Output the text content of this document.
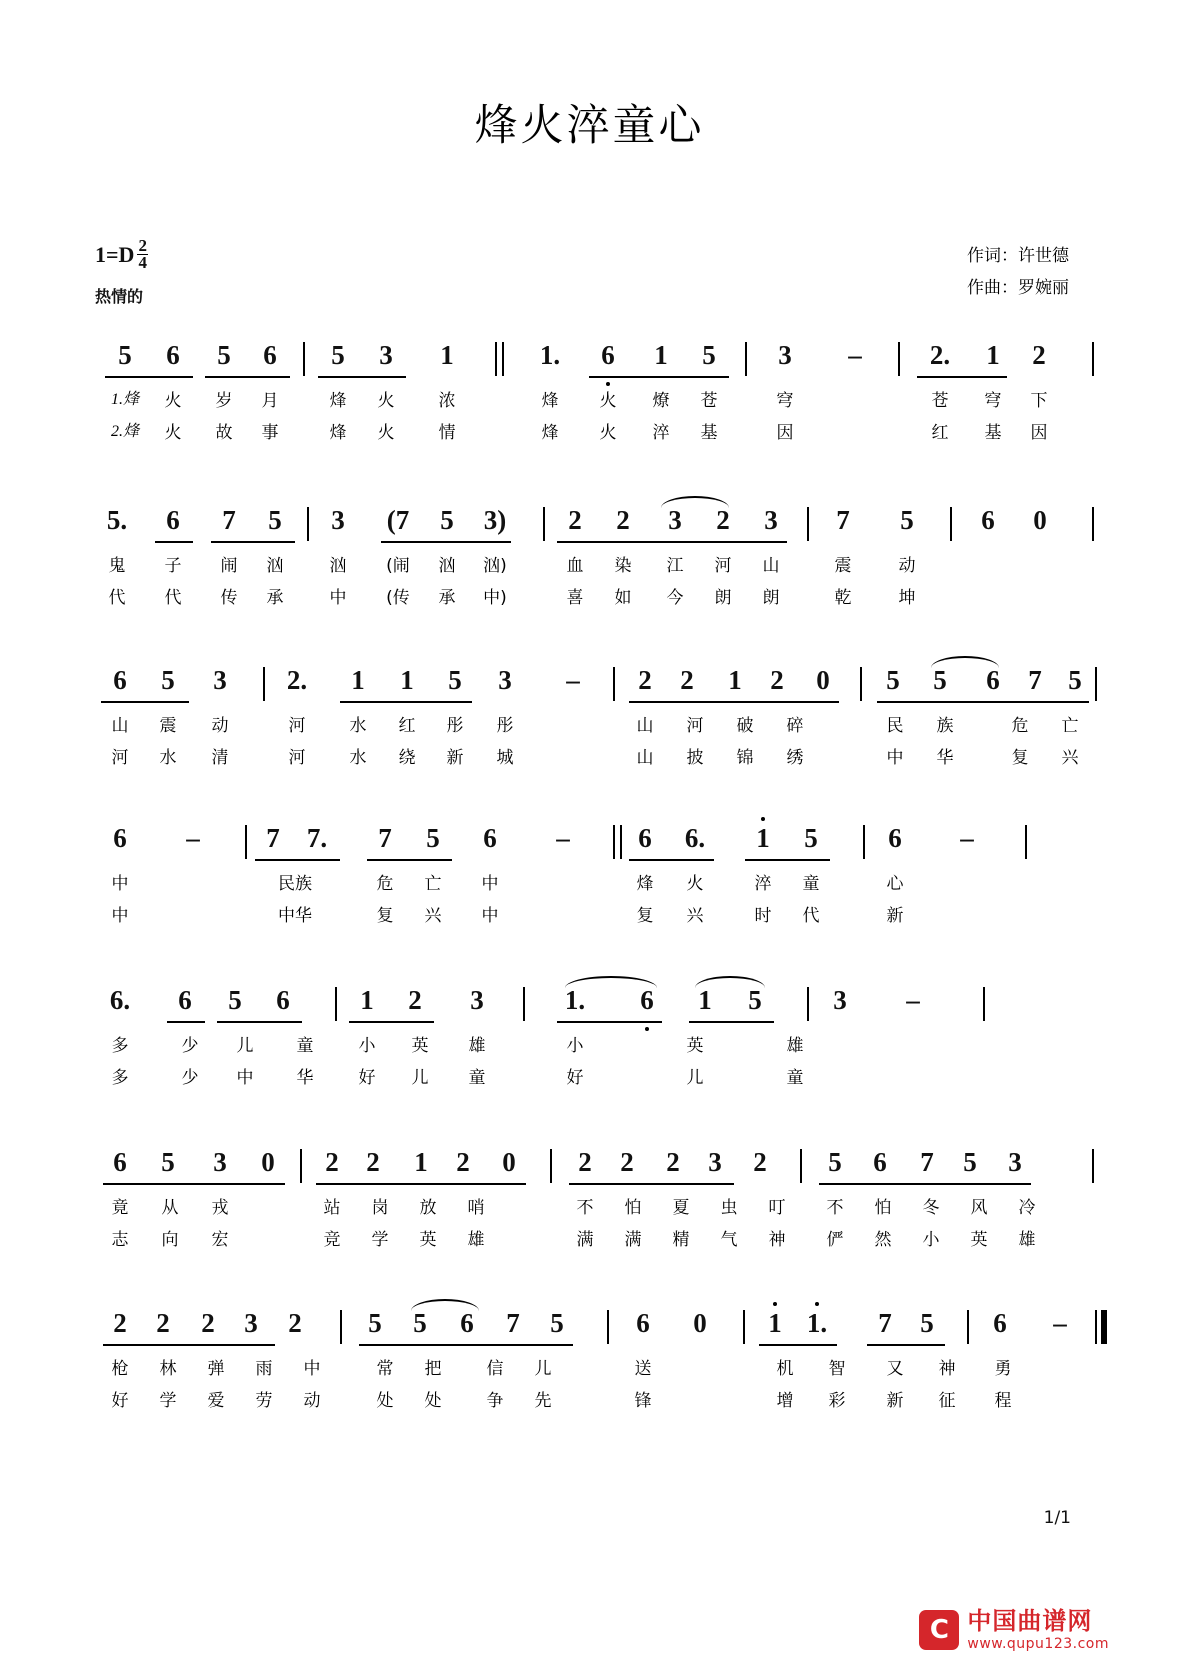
烽火淬童心
$1=D \frac{2}{4}$
热情的
作词：许世德
作曲：罗婉丽
5 6 5 6 5 3 1	1. 6 1 5 3 –	2. 1 2
1.烽 火 岁 月	烽 火	浓	烽 火 燎 苍	穹	苍 穹 下
2.烽 火 故 事	烽 火	情	烽 火 淬 基	因	红 基 因
5. 6 7 5 3 (7 5 3) 2 2 3 2 3 7 5	6 0
鬼 子 闹 汹	汹 (闹 汹 汹)	血 染 江 河 山	震	动
代 代 传 承	中 (传 承 中)	喜 如 今 朗 朗	乾	坤
6 5 3 2. 1 1 5 3 – 2 2 1 2 0 5 5 6 7 5
山 震 动	河	水 红 彤 彤	山 河 破 碎	民 族	危 亡
河 水 清	河	水 绕 新 城	山 披 锦 绣	中 华	复 兴
6 – 7 7. 7 5 6 –	6 6. 1 5	6 –
中	民族	危 亡 中	烽 火	淬 童	心
中	中华	复 兴 中	复 兴	时 代	新
6. 6 5 6	1 2 3	1. 6 1 5	3 –
多	少 儿	童	小 英 雄	小	英	雄
多	少 中	华	好 儿 童	好	儿	童
6 5 3 0 2 2 1 2 0 2 2 2 3 2 5 6 7 5 3
竟 从 戎	站 岗 放 哨	不 怕 夏 虫 叮 不 怕 冬 风 冷
志 向 宏	竞 学 英 雄	满 满 精 气 神 俨 然 小 英 雄
2 2 2 3 2 5 5 6 7 5	6 0 1 1. 7 5 6 –
枪 林 弹 雨 中	常 把	信 儿	送	机 智 又 神 勇
好 学 爱 劳 动	处 处	争 先	锋	增 彩 新 征 程
1/1
C 中国曲谱网
www.qupu123.com
